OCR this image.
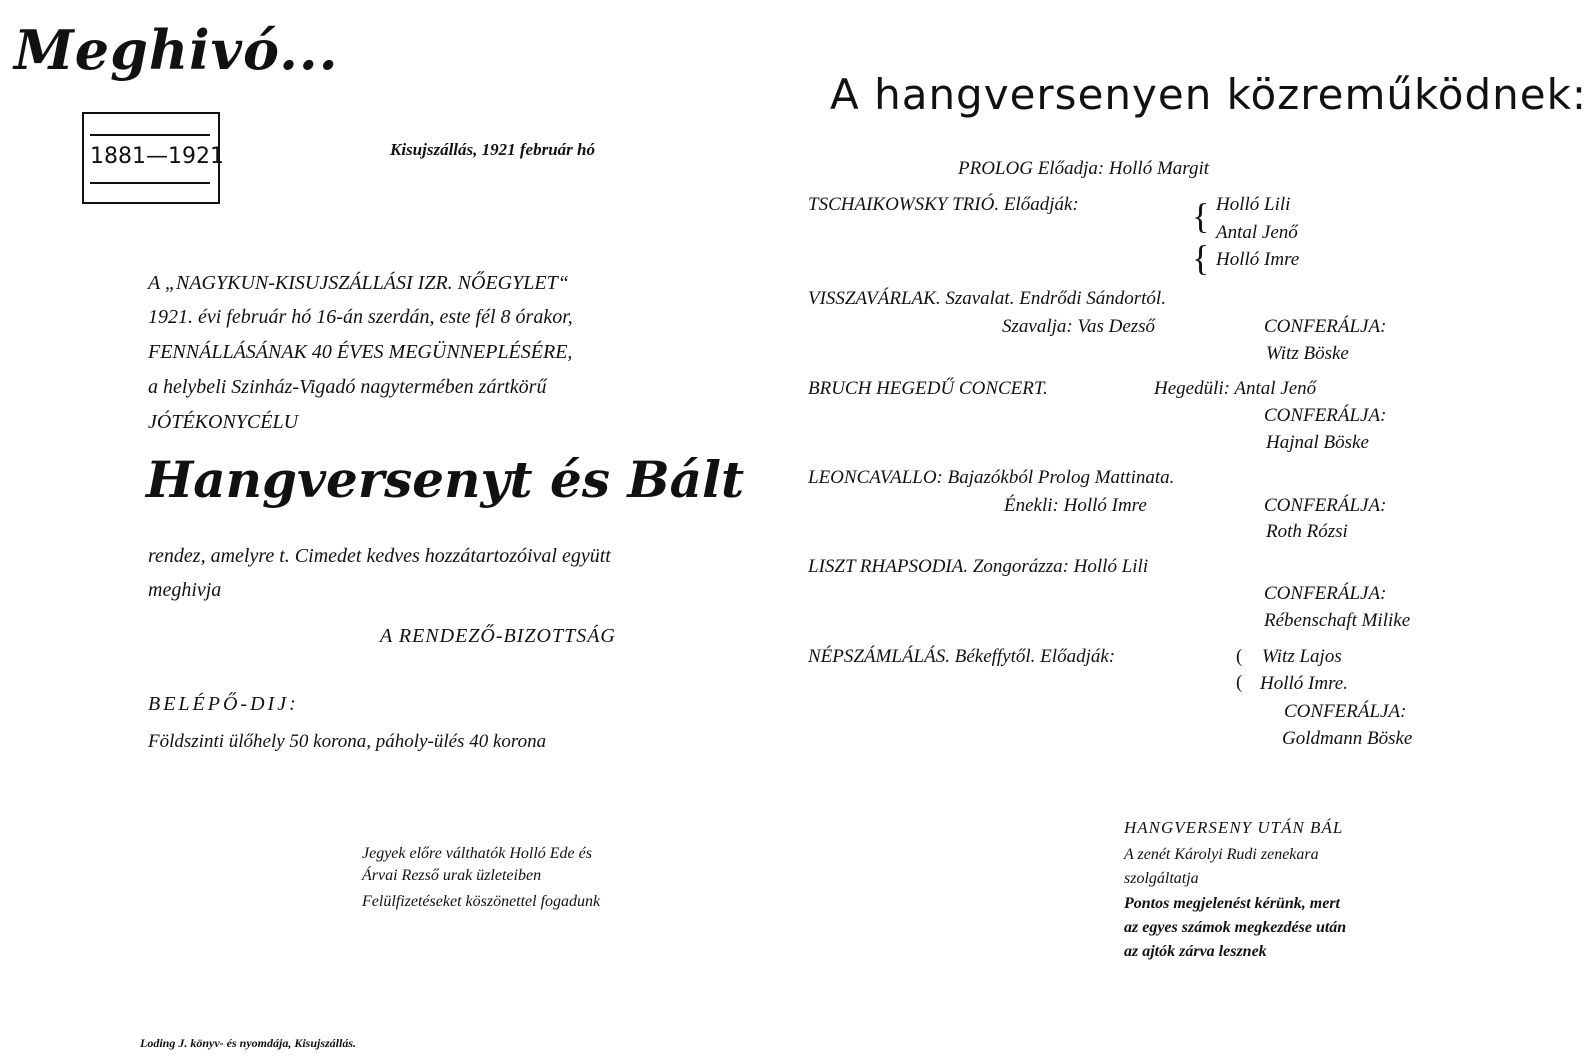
Meghivó...
1881—1921	Kisujszállás, 1921 február hó
A „NAGYKUN-KISUJSZÁLLÁSI IZR. NŐEGYLET“
1921. évi február hó 16-án szerdán, este fél 8 órakor,
FENNÁLLÁSÁNAK 40 ÉVES MEGÜNNEPLÉSÉRE,
a helybeli Szinház-Vigadó nagytermében zártkörű
JÓTÉKONYCÉLU
Hangversenyt és Bált
rendez, amelyre t. Cimedet kedves hozzátartozóival együtt
meghivja
A RENDEZŐ-BIZOTTSÁG
BELÉPŐ-DIJ:
Földszinti ülőhely 50 korona, páholy-ülés 40 korona
Jegyek előre válthatók Holló Ede és
Árvai Rezső urak üzleteiben
Felülfizetéseket köszönettel fogadunk
Loding J. könyv- és nyomdája, Kisujszállás.
A hangversenyen közreműködnek:
PROLOG Előadja: Holló Margit
TSCHAIKOWSKY TRIÓ. Előadják:	{ Holló Lili
Antal Jenő
Holló Imre
{
VISSZAVÁRLAK. Szavalat. Endrődi Sándortól.
Szavalja: Vas Dezső	CONFERÁLJA:
Witz Böske
BRUCH HEGEDŰ CONCERT.	Hegedüli: Antal Jenő
CONFERÁLJA:
Hajnal Böske
LEONCAVALLO: Bajazókból Prolog Mattinata.
Énekli: Holló Imre	CONFERÁLJA:
Roth Rózsi
LISZT RHAPSODIA. Zongorázza: Holló Lili
CONFERÁLJA:
Rébenschaft Milike
NÉPSZÁMLÁLÁS. Békeffytől. Előadják:	(
(
Witz Lajos
Holló Imre.
CONFERÁLJA:
Goldmann Böske
HANGVERSENY UTÁN BÁL
A zenét Károlyi Rudi zenekara
szolgáltatja
Pontos megjelenést kérünk, mert
az egyes számok megkezdése után
az ajtók zárva lesznek
